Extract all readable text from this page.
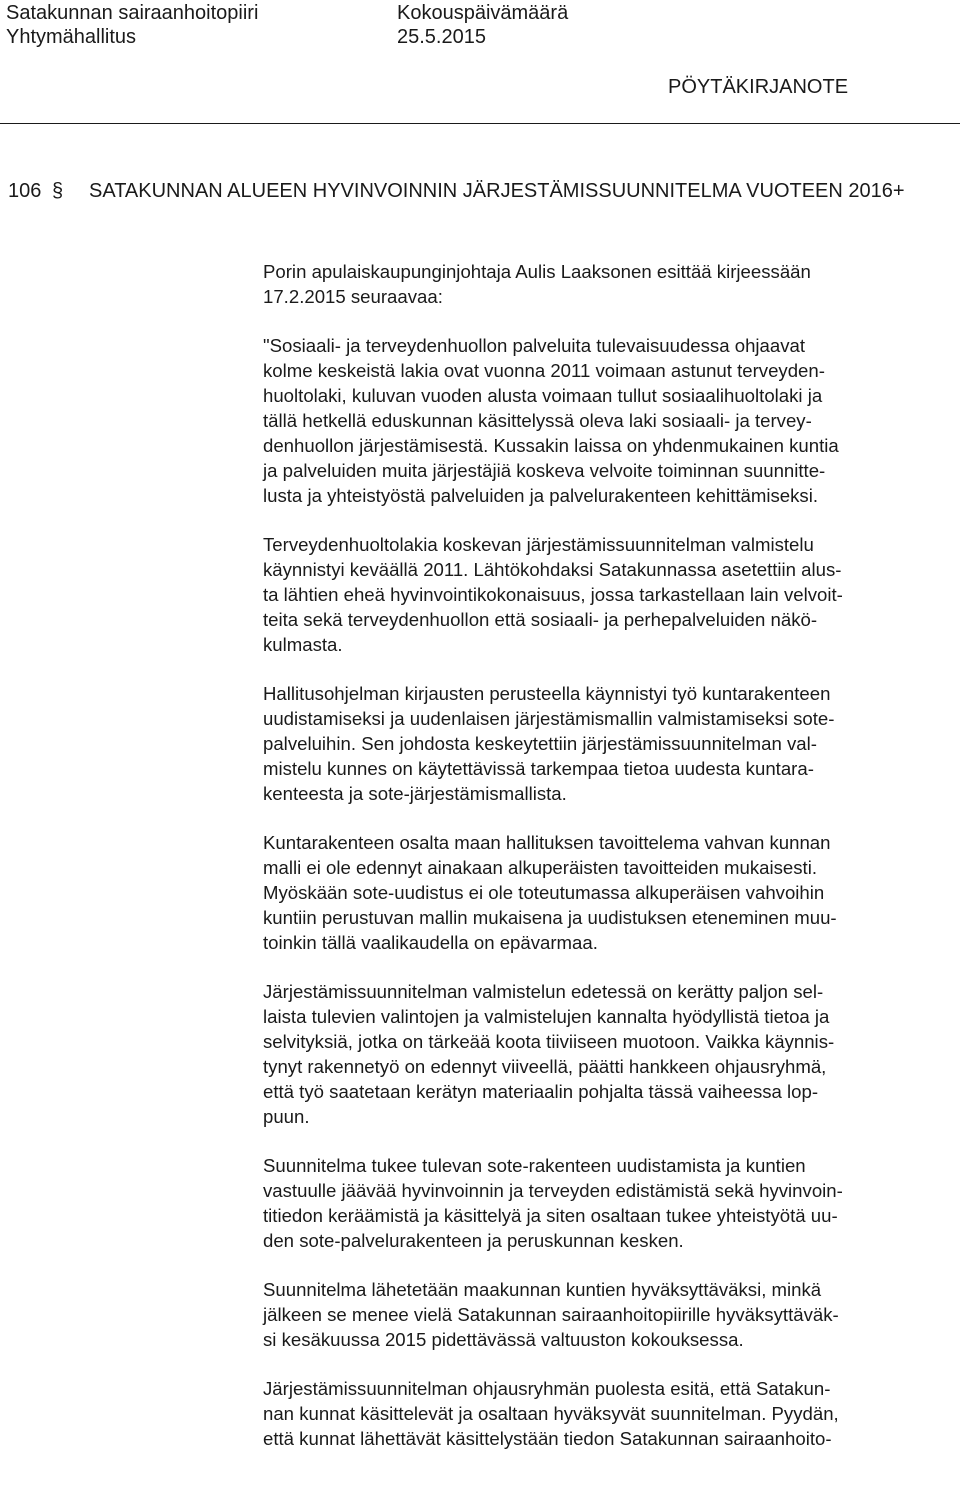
Satakunnan sairaanhoitopiiri
Yhtymähallitus
Kokouspäivämäärä
25.5.2015
PÖYTÄKIRJANOTE
106 § SATAKUNNAN ALUEEN HYVINVOINNIN JÄRJESTÄMISSUUNNITELMA VUOTEEN 2016+

Porin apulaiskaupunginjohtaja Aulis Laaksonen esittää kirjeessään
17.2.2015 seuraavaa:

"Sosiaali- ja terveydenhuollon palveluita tulevaisuudessa ohjaavat
kolme keskeistä lakia ovat vuonna 2011 voimaan astunut terveyden-
huoltolaki, kuluvan vuoden alusta voimaan tullut sosiaalihuoltolaki ja
tällä hetkellä eduskunnan käsittelyssä oleva laki sosiaali- ja tervey-
denhuollon järjestämisestä. Kussakin laissa on yhdenmukainen kuntia
ja palveluiden muita järjestäjiä koskeva velvoite toiminnan suunnitte-
lusta ja yhteistyöstä palveluiden ja palvelurakenteen kehittämiseksi.

Terveydenhuoltolakia koskevan järjestämissuunnitelman valmistelu
käynnistyi keväällä 2011. Lähtökohdaksi Satakunnassa asetettiin alus-
ta lähtien eheä hyvinvointikokonaisuus, jossa tarkastellaan lain velvoit-
teita sekä terveydenhuollon että sosiaali- ja perhepalveluiden näkö-
kulmasta.

Hallitusohjelman kirjausten perusteella käynnistyi työ kuntarakenteen
uudistamiseksi ja uudenlaisen järjestämismallin valmistamiseksi sote-
palveluihin. Sen johdosta keskeytettiin järjestämissuunnitelman val-
mistelu kunnes on käytettävissä tarkempaa tietoa uudesta kuntara-
kenteesta ja sote-järjestämismallista.

Kuntarakenteen osalta maan hallituksen tavoittelema vahvan kunnan
malli ei ole edennyt ainakaan alkuperäisten tavoitteiden mukaisesti.
Myöskään sote-uudistus ei ole toteutumassa alkuperäisen vahvoihin
kuntiin perustuvan mallin mukaisena ja uudistuksen eteneminen muu-
toinkin tällä vaalikaudella on epävarmaa.

Järjestämissuunnitelman valmistelun edetessä on kerätty paljon sel-
laista tulevien valintojen ja valmistelujen kannalta hyödyllistä tietoa ja
selvityksiä, jotka on tärkeää koota tiiviiseen muotoon. Vaikka käynnis-
tynyt rakennetyö on edennyt viiveellä, päätti hankkeen ohjausryhmä,
että työ saatetaan kerätyn materiaalin pohjalta tässä vaiheessa lop-
puun.

Suunnitelma tukee tulevan sote-rakenteen uudistamista ja kuntien
vastuulle jäävää hyvinvoinnin ja terveyden edistämistä sekä hyvinvoin-
titiedon keräämistä ja käsittelyä ja siten osaltaan tukee yhteistyötä uu-
den sote-palvelurakenteen ja peruskunnan kesken.

Suunnitelma lähetetään maakunnan kuntien hyväksyttäväksi, minkä
jälkeen se menee vielä Satakunnan sairaanhoitopiirille hyväksyttäväk-
si kesäkuussa 2015 pidettävässä valtuuston kokouksessa.

Järjestämissuunnitelman ohjausryhmän puolesta esitä, että Satakun-
nan kunnat käsittelevät ja osaltaan hyväksyvät suunnitelman. Pyydän,
että kunnat lähettävät käsittelystään tiedon Satakunnan sairaanhoito-
